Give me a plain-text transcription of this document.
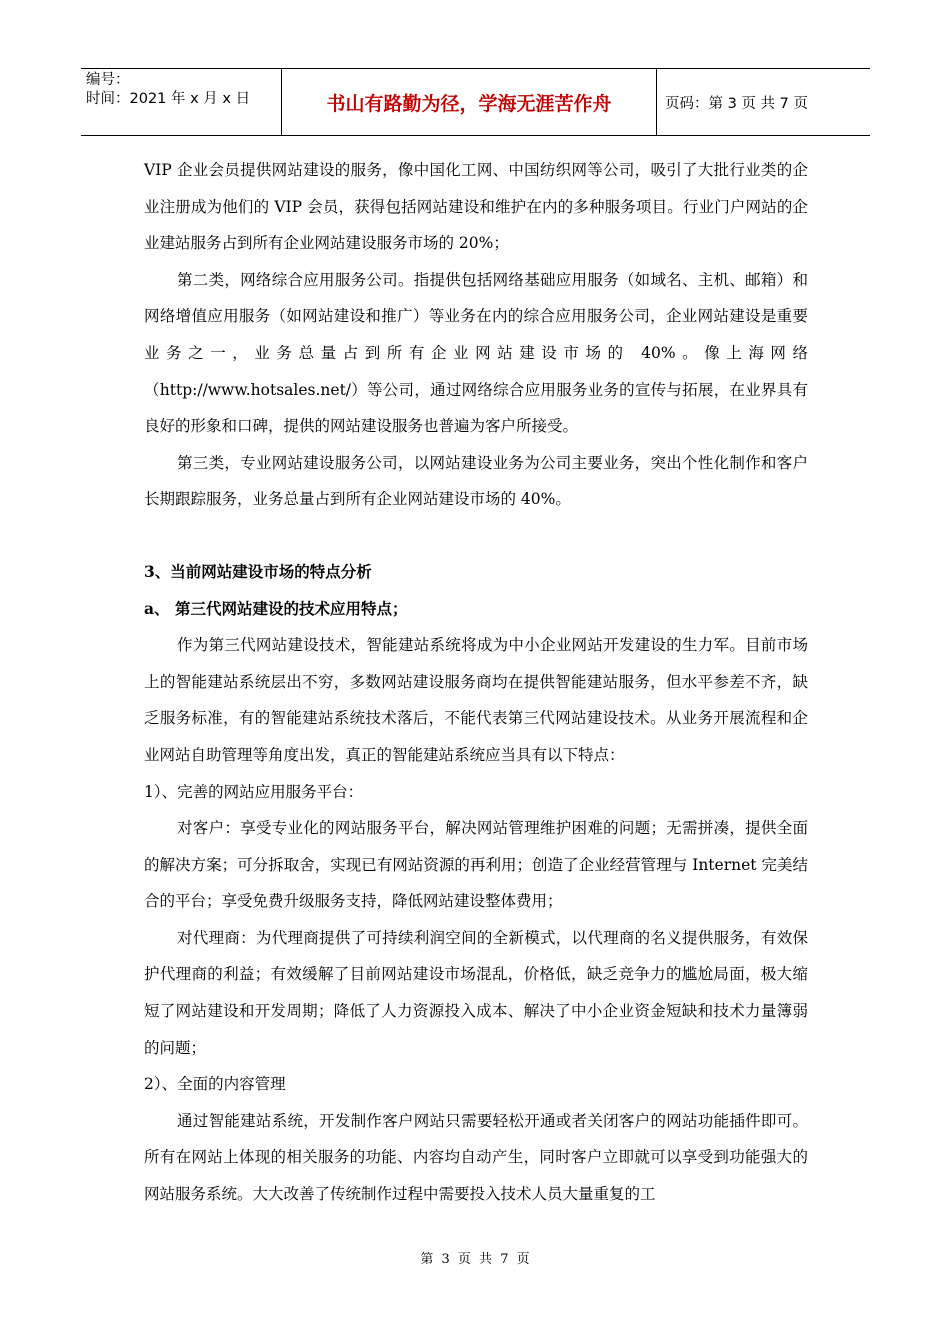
编号：
时间：2021 年 x 月 x 日	书山有路勤为径，学海无涯苦作舟	页码：第 3 页 共 7 页

VIP 企业会员提供网站建设的服务，像中国化工网、中国纺织网等公司，吸引了大批行业类的企业注册成为他们的 VIP 会员，获得包括网站建设和维护在内的多种服务项目。行业门户网站的企业建站服务占到所有企业网站建设服务市场的 20%；

第二类，网络综合应用服务公司。指提供包括网络基础应用服务（如域名、主机、邮箱）和网络增值应用服务（如网站建设和推广）等业务在内的综合应用服务公司，企业网站建设是重要业务之一，业务总量占到所有企业网站建设市场的 40%。像上海网络（http://www.hotsales.net/）等公司，通过网络综合应用服务业务的宣传与拓展，在业界具有良好的形象和口碑，提供的网站建设服务也普遍为客户所接受。

第三类，专业网站建设服务公司，以网站建设业务为公司主要业务，突出个性化制作和客户长期跟踪服务，业务总量占到所有企业网站建设市场的 40%。

3、当前网站建设市场的特点分析

a、 第三代网站建设的技术应用特点；

作为第三代网站建设技术，智能建站系统将成为中小企业网站开发建设的生力军。目前市场上的智能建站系统层出不穷，多数网站建设服务商均在提供智能建站服务，但水平参差不齐，缺乏服务标准，有的智能建站系统技术落后，不能代表第三代网站建设技术。从业务开展流程和企业网站自助管理等角度出发，真正的智能建站系统应当具有以下特点：

1）、完善的网站应用服务平台：

对客户：享受专业化的网站服务平台，解决网站管理维护困难的问题；无需拼凑，提供全面的解决方案；可分拆取舍，实现已有网站资源的再利用；创造了企业经营管理与 Internet 完美结合的平台；享受免费升级服务支持，降低网站建设整体费用；

对代理商：为代理商提供了可持续利润空间的全新模式，以代理商的名义提供服务，有效保护代理商的利益；有效缓解了目前网站建设市场混乱，价格低，缺乏竞争力的尴尬局面，极大缩短了网站建设和开发周期；降低了人力资源投入成本、解决了中小企业资金短缺和技术力量簿弱的问题；

2）、全面的内容管理

通过智能建站系统，开发制作客户网站只需要轻松开通或者关闭客户的网站功能插件即可。所有在网站上体现的相关服务的功能、内容均自动产生，同时客户立即就可以享受到功能强大的网站服务系统。大大改善了传统制作过程中需要投入技术人员大量重复的工

第 3 页 共 7 页
